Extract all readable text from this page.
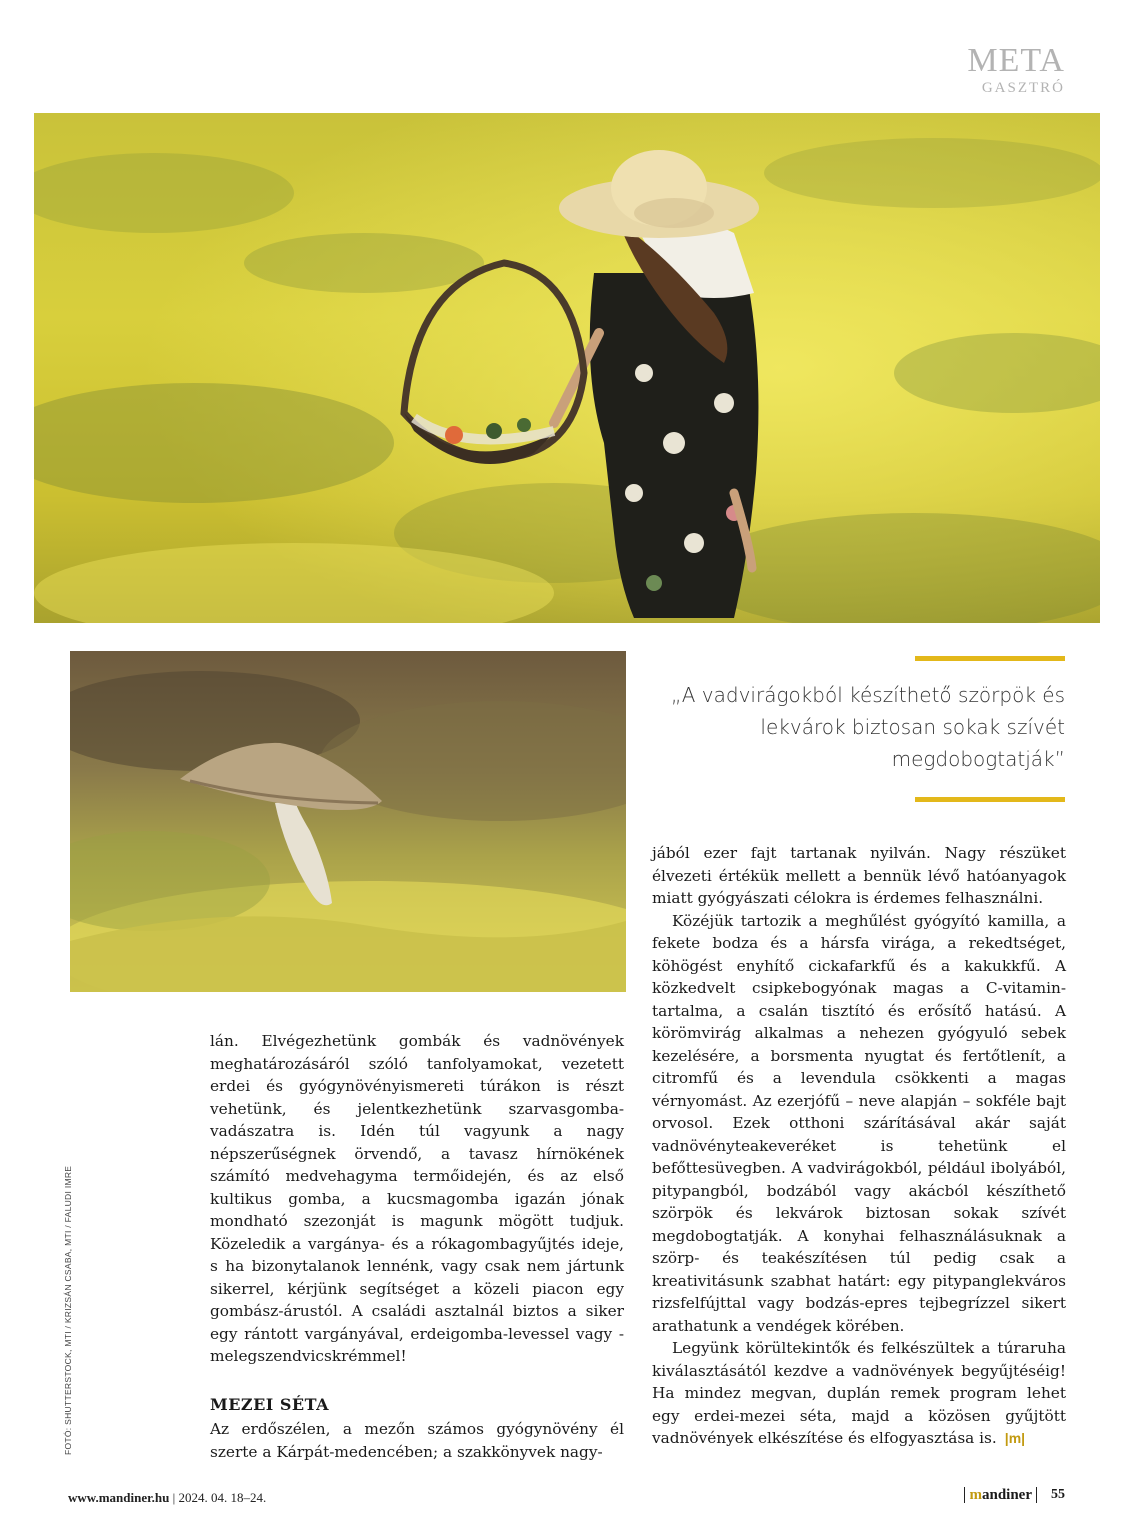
META
GASZTRÓ
„A vadvirágokból készíthető szörpök és lekvárok biztosan sokak szívét megdobogtatják”

lán. Elvégezhetünk gombák és vadnövények meghatározásáról szóló tanfolyamokat, vezetett erdei és gyógynövényismereti túrákon is részt vehetünk, és jelentkezhetünk szarvasgomba-vadászatra is. Idén túl vagyunk a nagy népszerűségnek örvendő, a tavasz hírnökének számító medvehagyma termőidején, és az első kultikus gomba, a kucsmagomba igazán jónak mondható szezonját is magunk mögött tudjuk. Közeledik a vargánya- és a rókagombagyűjtés ideje, s ha bizonytalanok lennénk, vagy csak nem jártunk sikerrel, kérjünk segítséget a közeli piacon egy gombász-árustól. A családi asztalnál biztos a siker egy rántott vargányával, erdeigomba-levessel vagy -melegszendvicskrémmel!

MEZEI SÉTA

Az erdőszélen, a mezőn számos gyógynövény él szerte a Kárpát-medencében; a szakkönyvek nagy-

jából ezer fajt tartanak nyilván. Nagy részüket élvezeti értékük mellett a bennük lévő hatóanyagok miatt gyógyászati célokra is érdemes felhasználni.

Közéjük tartozik a meghűlést gyógyító kamilla, a fekete bodza és a hársfa virága, a rekedtséget, köhögést enyhítő cickafarkfű és a kakukkfű. A közkedvelt csipkebogyónak magas a C-vitamin-tartalma, a csalán tisztító és erősítő hatású. A körömvirág alkalmas a nehezen gyógyuló sebek kezelésére, a borsmenta nyugtat és fertőtlenít, a citromfű és a levendula csökkenti a magas vérnyomást. Az ezerjófű – neve alapján – sokféle bajt orvosol. Ezek otthoni szárításával akár saját vadnövényteakeveréket is tehetünk el befőttesüvegben. A vadvirágokból, például ibolyából, pitypangból, bodzából vagy akácból készíthető szörpök és lekvárok biztosan sokak szívét megdobogtatják. A konyhai felhasználásuknak a szörp- és teakészítésen túl pedig csak a kreativitásunk szabhat határt: egy pitypanglekváros rizsfelfújttal vagy bodzás-epres tejbegrízzel sikert arathatunk a vendégek körében.

Legyünk körültekintők és felkészültek a túraruha kiválasztásától kezdve a vadnövények begyűjtéséig! Ha mindez megvan, duplán remek program lehet egy erdei-mezei séta, majd a közösen gyűjtött vadnövények elkészítése és elfogyasztása is. |m|

FOTÓ: SHUTTERSTOCK, MTI / KRIZSÁN CSABA, MTI / FALUDI IMRE
www.mandiner.hu | 2024. 04. 18–24.	mandiner	55
